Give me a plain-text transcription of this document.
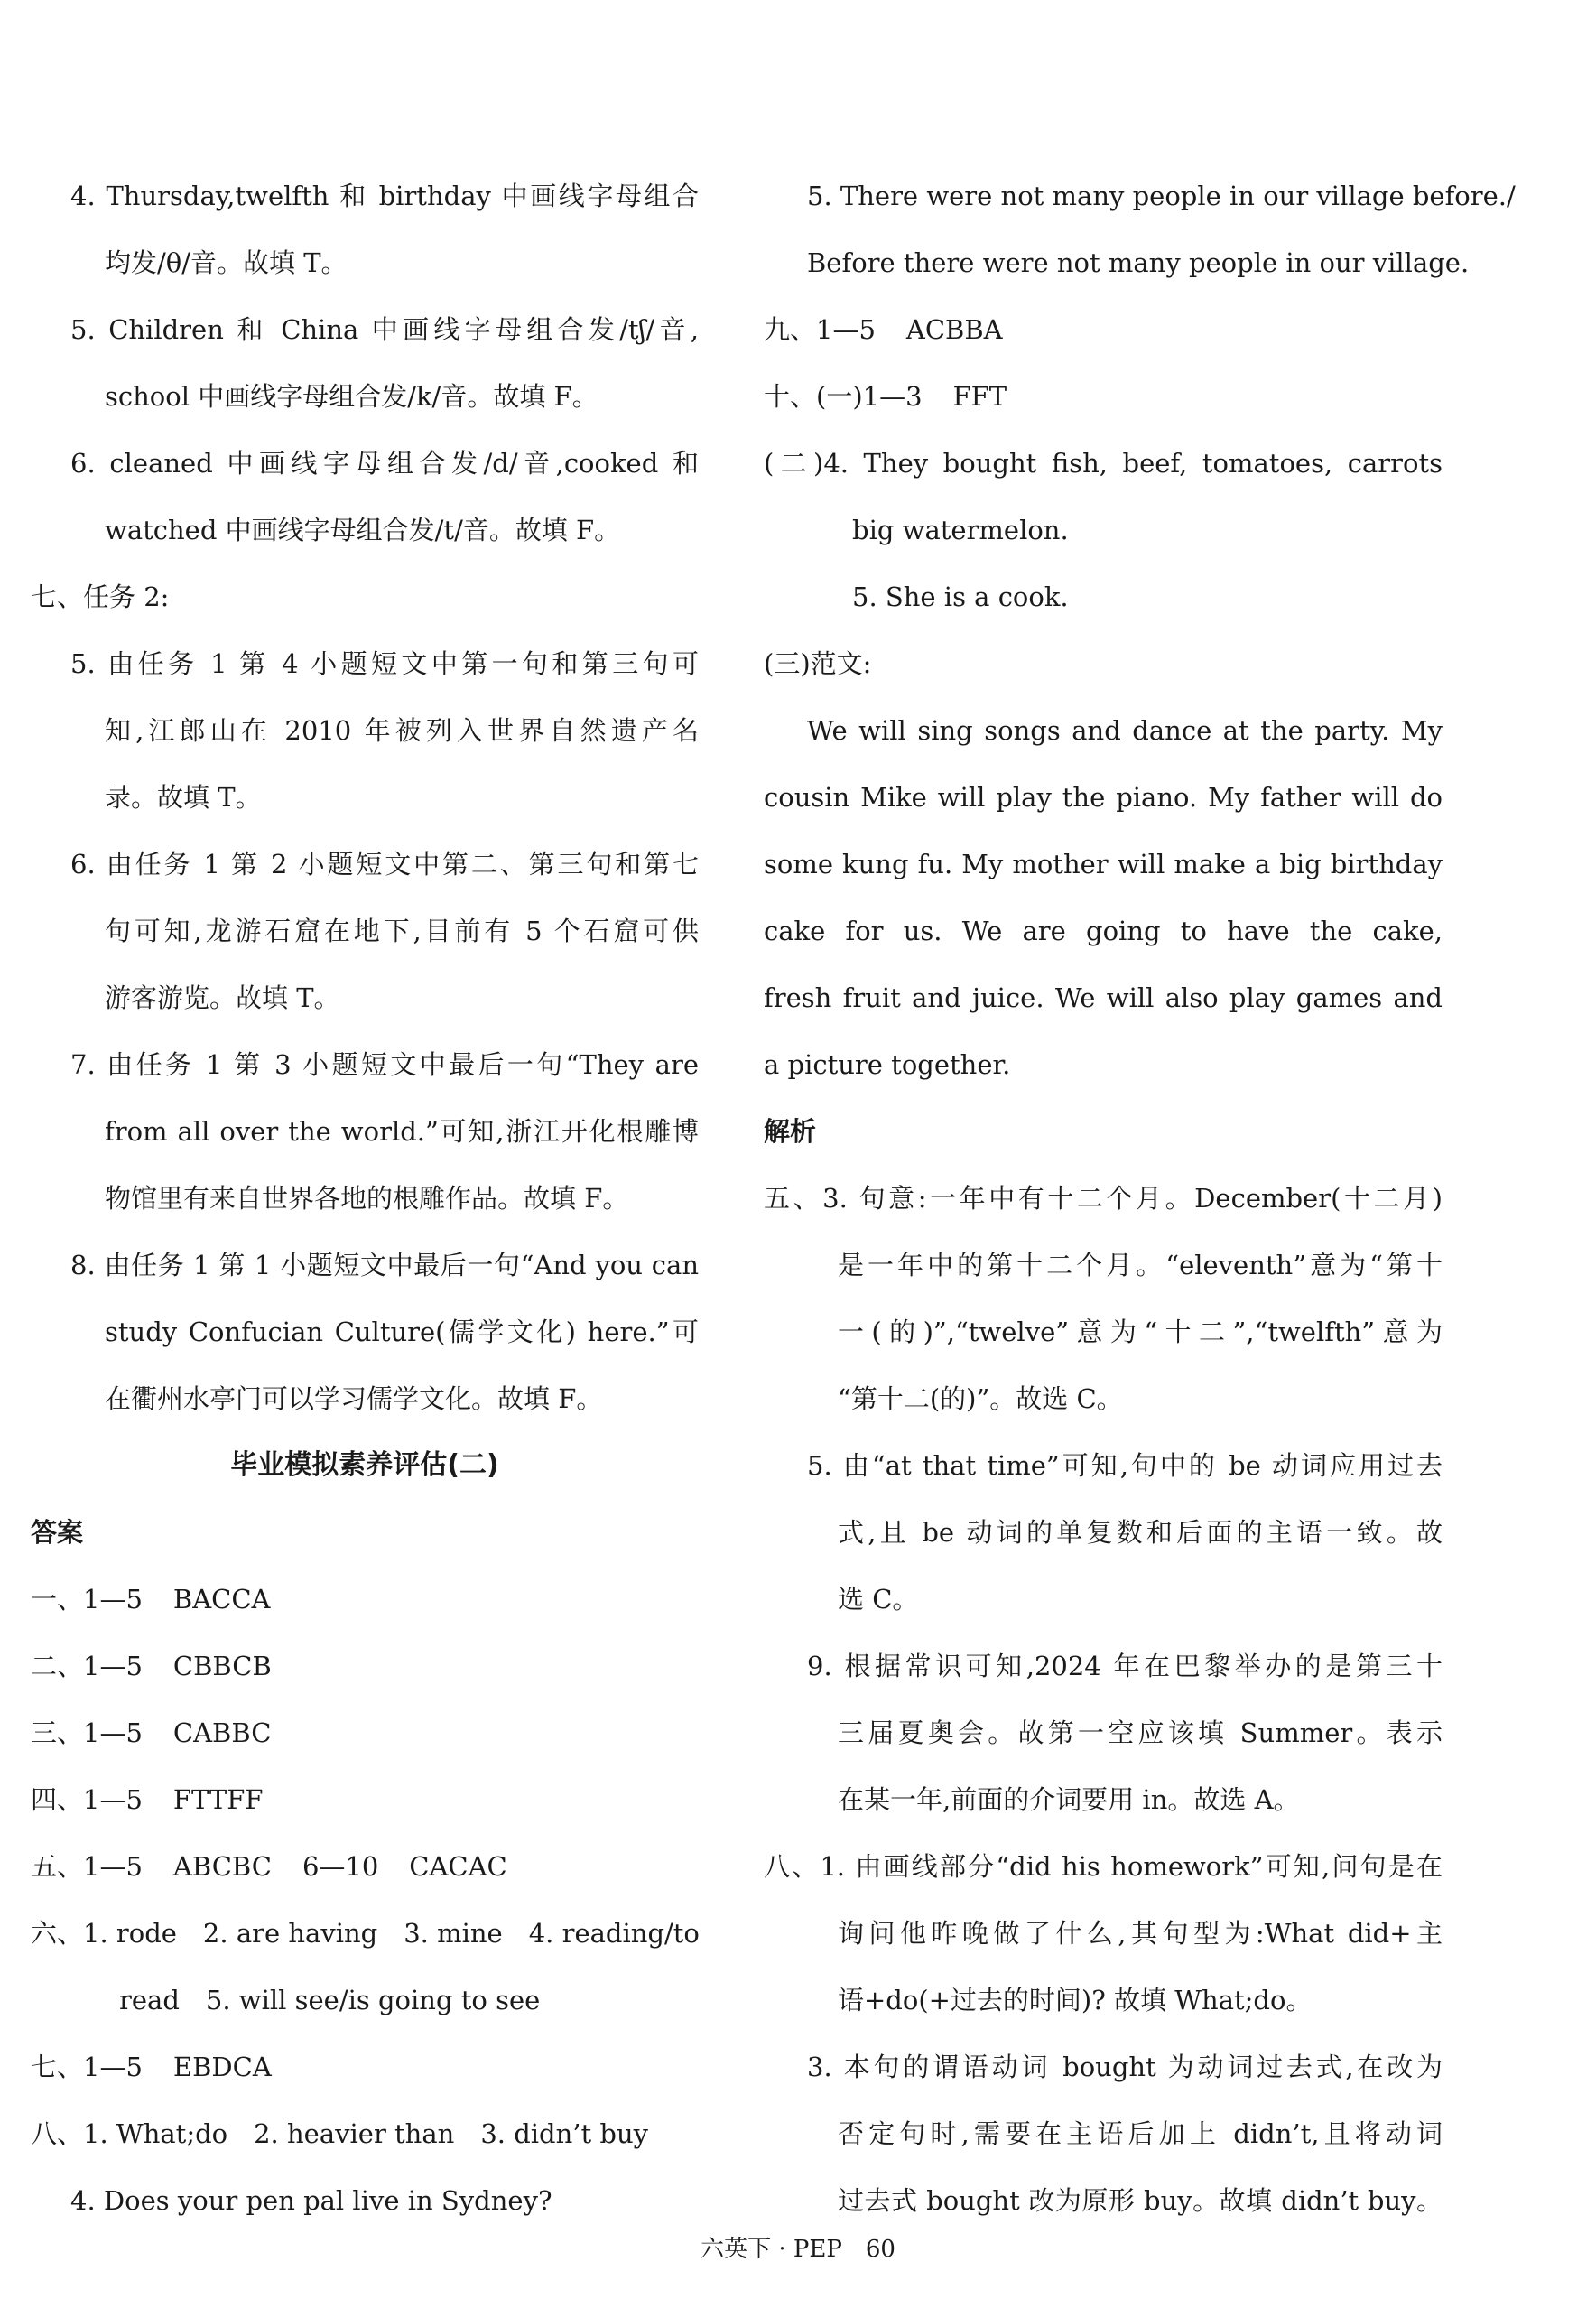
4. Thursday,twelfth 和 birthday 中画线字母组合
均发/θ/音。故填 T。
5. Children 和 China 中画线字母组合发/tʃ/音,
school 中画线字母组合发/k/音。故填 F。
6. cleaned 中画线字母组合发/d/音,cooked 和
watched 中画线字母组合发/t/音。故填 F。
七、任务 2:
5. 由任务 1 第 4 小题短文中第一句和第三句可
知,江郎山在 2010 年被列入世界自然遗产名
录。故填 T。
6. 由任务 1 第 2 小题短文中第二、第三句和第七
句可知,龙游石窟在地下,目前有 5 个石窟可供
游客游览。故填 T。
7. 由任务 1 第 3 小题短文中最后一句“They are
from all over the world.”可知,浙江开化根雕博
物馆里有来自世界各地的根雕作品。故填 F。
8. 由任务 1 第 1 小题短文中最后一句“And you can
study Confucian Culture(儒学文化) here.”可
在衢州水亭门可以学习儒学文化。故填 F。
毕业模拟素养评估(二)
答案
一、1—5 BACCA
二、1—5 CBBCB
三、1—5 CABBC
四、1—5 FTTFF
五、1—5 ABCBC 6—10 CACAC
六、1. rode　2. are having　3. mine　4. reading/to
read　5. will see/is going to see
七、1—5 EBDCA
八、1. What;do　2. heavier than　3. didn’t buy
4. Does your pen pal live in Sydney?
5. There were not many people in our village before./
Before there were not many people in our village.
九、1—5 ACBBA
十、(一)1—3 FFT
(二)4. They bought fish, beef, tomatoes, carrots
big watermelon.
5. She is a cook.
(三)范文:
We will sing songs and dance at the party. My
cousin Mike will play the piano. My father will do
some kung fu. My mother will make a big birthday
cake for us. We are going to have the cake,
fresh fruit and juice. We will also play games and
a picture together.
解析
五、3. 句意:一年中有十二个月。December(十二月)
是一年中的第十二个月。“eleventh”意为“第十
一(的)”,“twelve”意为“十二”,“twelfth”意为
“第十二(的)”。故选 C。
5. 由“at that time”可知,句中的 be 动词应用过去
式,且 be 动词的单复数和后面的主语一致。故
选 C。
9. 根据常识可知,2024 年在巴黎举办的是第三十
三届夏奥会。故第一空应该填 Summer。表示
在某一年,前面的介词要用 in。故选 A。
八、1. 由画线部分“did his homework”可知,问句是在
询问他昨晚做了什么,其句型为:What did+主
语+do(+过去的时间)? 故填 What;do。
3. 本句的谓语动词 bought 为动词过去式,在改为
否定句时,需要在主语后加上 didn’t,且将动词
过去式 bought 改为原形 buy。故填 didn’t buy。
六英下 · PEP 60
